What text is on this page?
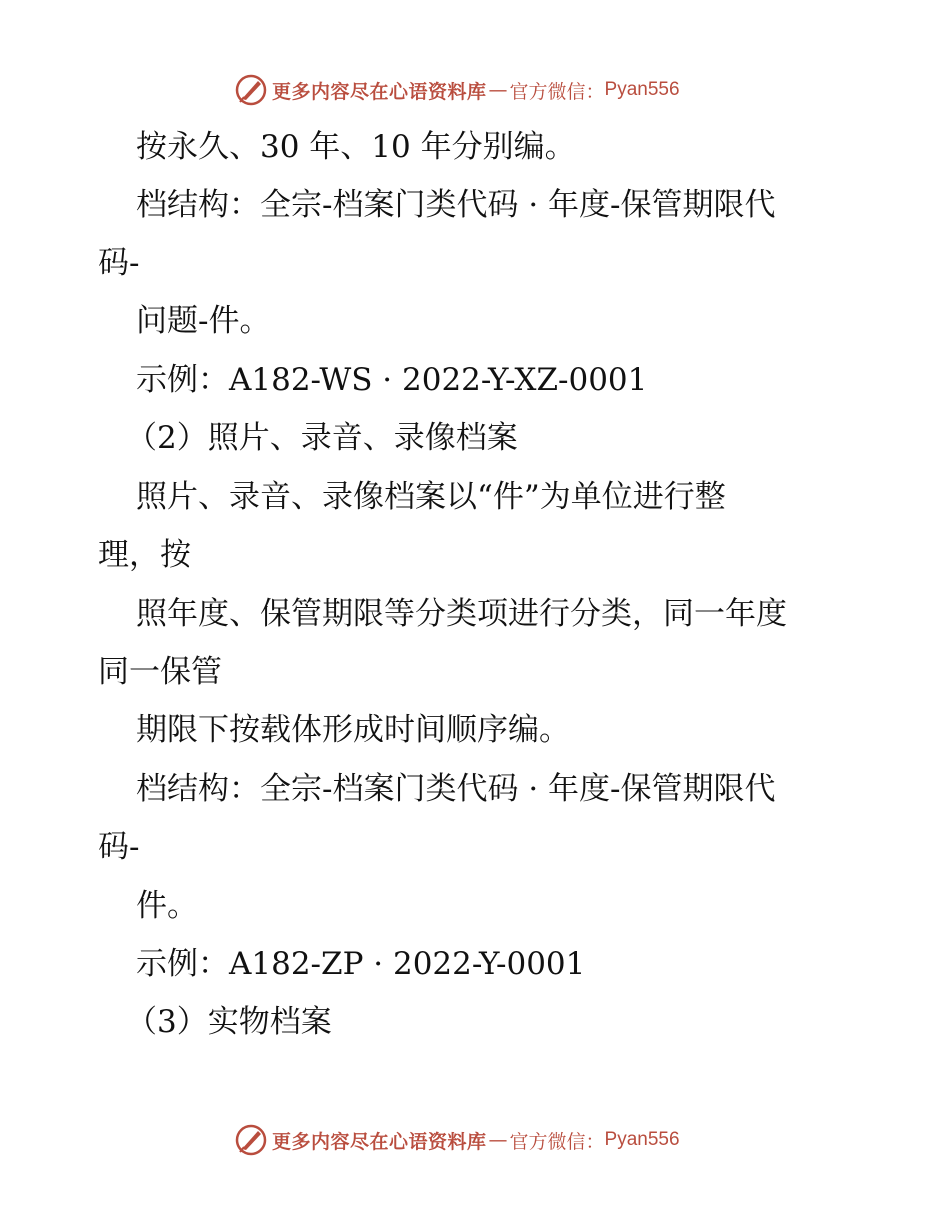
更多内容尽在心语资料库 — 官方微信： Pyan556
按永久、30 年、10 年分别编。
档结构：全宗-档案门类代码 · 年度-保管期限代
码-
问题-件。
示例：A182-WS · 2022-Y-XZ-0001
（2）照片、录音、录像档案
照片、录音、录像档案以“件”为单位进行整
理，按
照年度、保管期限等分类项进行分类，同一年度
同一保管
期限下按载体形成时间顺序编。
档结构：全宗-档案门类代码 · 年度-保管期限代
码-
件。
示例：A182-ZP · 2022-Y-0001
（3）实物档案
更多内容尽在心语资料库 — 官方微信： Pyan556
